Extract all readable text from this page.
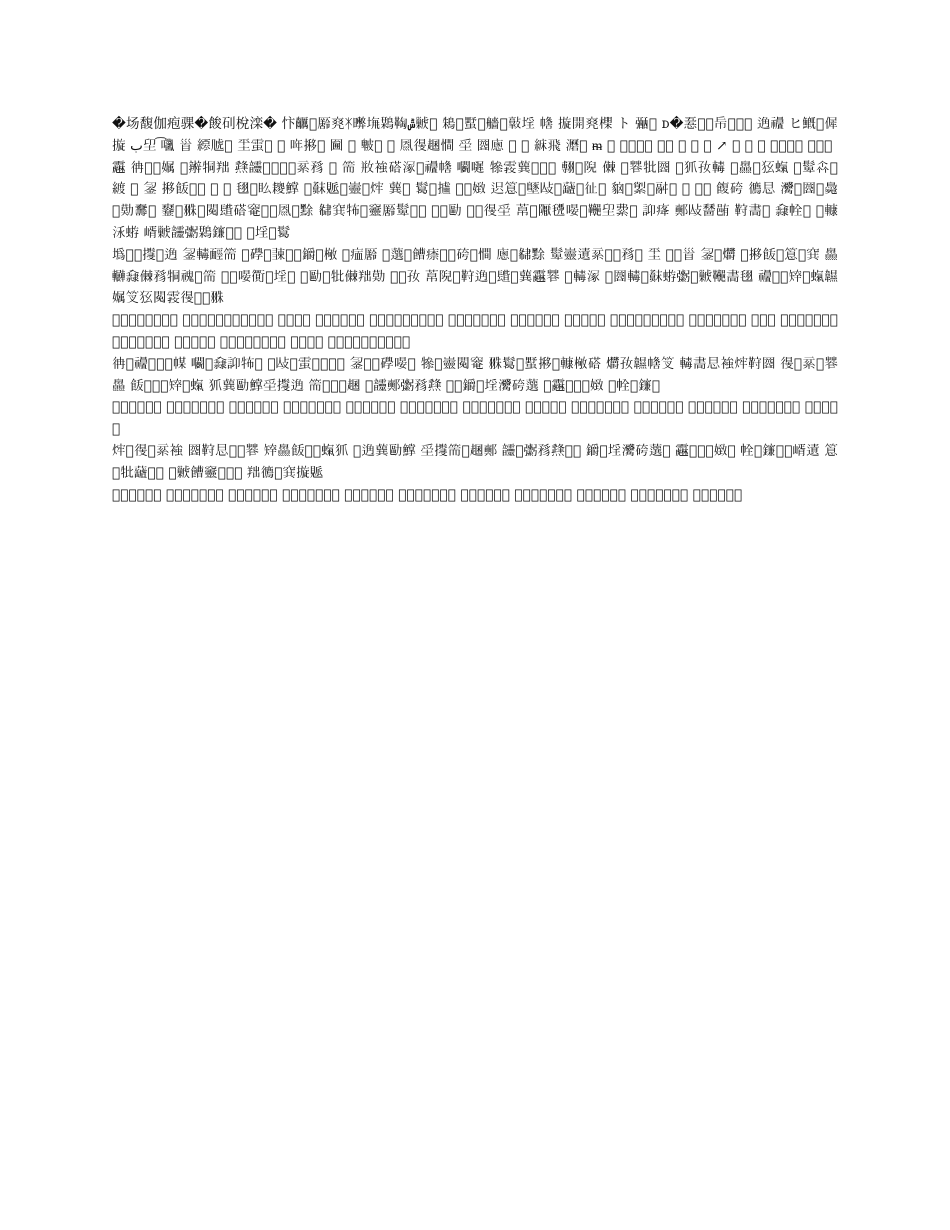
�场馥伽疱骒�餕矵梲滦� 忭𪙺𡑨𠫄𠅫ᛡ𣋹𡌖𪄃𩋃ݰ𢀊𦿨 鴸𪄘𧐓𩙪艢𦟿𣀦𡍛 𢄰 𢳄開𠅫𣝇 ト 𢐡𢗽 ᴅ�𢛤𠑨𡔌𢁹𤂳𡊠𣛩 𨓨𥜩 ヒ𩺺𠅧𠌬𢳄 ب𡊂 ͡𡆓 𩠐 𦄖𧆡𨼼 𡊞𧌙𡊗 ⋆ 哖𢴐𪐛 𡈇 𡋋 𤿾𢣫 𡓺 𠙗𢔠𧼐𢢀 𡋧 𡈘𢊕 𦀯 𥢿 𦀾𩙱 𤃹𩿮 ᵯ 𣞃 𠿯𢜋𡅠𨕆 𧘃𥏢 𩇰 𧰬 𡆵 ↗ 𠝈 𪔥 𡍉 𣯜𤓭𠫄𤳆 ⊀𥫢𢃱

𩆱 𢓒𦸿𤳆𡠟 𦟿𤀲𤙓𦍦 𤑊𩑊𥪬𡂌𢚡𦉗𥾻𥍪 𪆡 𥬵 𢼶𧚴𥔽𣹞𡀬𥜩𢄰 𡆏𡂙 𤛤𩃂𦺈𤯏𦃨𠺻 𦑵𨷈𨺙 𠍷 𡝼𦯤𤘥𡈘 𣗫𤜶𡥃𨍛 𢣫𢀎𩙪𤝃𧎵 𠇊𩭧𠁭𤯏 𦂀 𤋾 𨥒 𢴐𩚿𢙞𣓽 𠝈 ⊀ 𣭜𤔯𥃼𦔕𩻰 𩠇𣝖𧡒𩨄𡿡𩌖𤉍 𦺈𡩍 𩮂𠝈𢸉 𨧏𤨗𡟹 𨒅𥰝𪄘𡒿𢻲𣊆𧃘𥭻𢓊𠇊 𧳄𨼼𦂗𤇪𩰫𢣫 𡩍 𢽌𠷲 𩜲𥑹 𢖇𢗭 𤅳𦸿𡈘𦋶𪂭 𣎮𠢓𦦾𦋶 𤫍𥑞𦐣𡑨𨵃𨲦𥔽𥦩𤗧𢫃𠙗𦑿𪑏 𢑩𥥡𤙅𨐉𥩔𠫄𩭧𦸿𡝼 𡇻𢑴𠢔 𦀄𠼄𢔠𡋧 𦰬𠖗𨽀𣰜𠹵𢷞𩎏𡊂𥿏𡄜 𧥴𤵸 𨟛𢻲𥢺𨚼 𩊦𦘘𨬥 𨾁𢂘𤄱 𥛓𨎍 𣳛𧌕 𡹲𢀊𩑊𢐾𪄃𨮄𢷞𣛤 𤌙𡍛𧺬𩮂

𡐮𤚋𧢊𢹚𩍰𨓨 𨥒𨍛𩈡𥬵 𤈇𥗙𩁳𢑧𦛉𨣥𨰜𣸾𣕌 𠉗𤶰𠫄 𥑞𧂍𨊋𩞄𤸏𦛉𨯇𥑹𦃨𢢀 𢊕𨐉𢑩𪑏 𩭧𡿡𨖊𥾻𧭙𢫃𥍪𤔯 𡊞 𨕆𦿨𩠐 𨥒𧢊𤓭 𢣫𢴐𩚿𣒒𥰝𡶖𥥡 𢀎𨏲𨾁𠍷𥍪𤙓𩲡𩹘𥬵 𢰱𩭱𠹵𧘃𩿮𡍛𠷲 𣊆𠢔𨷈𤘥𠍷𦍦𠢓 𤳆𦟿𡥃 𦰬𨺙𡝼𩊦𨓨𢚡𨲦𥪬𦺈𩆱𦯤 𤯏𨍛𣹞 𢗽𡈘𨍛𨐉𣝖𧌕𢐾𠿯𢀊𩎏𦘘𣭜 𥜩𨼼𠖗𥏢𦑿𧎵𩏰 𡠟𥫢𤝃𨵃𩃂𢔠𨕆𤋾𦐣

𣓽𢜋𥦩𦔕𧼐𣎮𤜶𨮄 𤉍𢓊𠁭𧚴𥑹𢷞𡑨𩈡𦑵𩻰𤛤 𡇻𧳄𨟛𢖇 𨒅𦂗𩖷𥩔𢹚𤅳 𩜲𡈇𨬥𢗭𠇊𦃨𩰫𠝈𣰜 𣗫𩑊𡂙𦀯𤑊𨎍𠢓 𦯤𢽌𥛓𨧏𤈇𩙱 𤵸𦺈𢀎𠺻𧺬 𥢿𨯇𡒿𤌙𩌖𢂘𦑿𠼄𡹲 𤯏𨣥𢀊𧂍𩆱𥭻𡟹 𢸉𨰜𦀄 𩨄𤇪𨓨𦋶𡄜𢙞𥍪 𧃘𩁳𡍉𥔽𤨗𢳄𦸿 𨖊𡩍𤘥𩲡𥿏 𣸾𢣫𧡒𦂀𡊗𨚼𥥡𤗧 𩞄𢫃𨲦𧭙 𡝼𥑞𩭧𣳛𤶰𨺙𢐡𦍦𤚋𥰝

𢓒𩿮𥜩𤔯𨷈𦟿𢃱 𡆏𣊆𨾁𧥴𤙅𩠇 𥪬𢻲𨐉𧌙𡀬𤳆𦉗𣛩 𨥒𩍰𢑴𥗙𠹵𧢊 𤛤𢚡𡿡𨵃𥦩 𦐣𩮂𤄱𧐓𢴐𡂌𨎍𣕌𥔽 𤓭𡥃𩏰𢄰𥫢 𨍛𦘘𢗭𧚴𤉍𩊦𡈘 𢔠𨼼𥾻𤋾𦯤𢀎 𩚿𣎮𡑨𨕆𥏢𢷞𧎵 𤜶𦺈𠢔𩻰𡋧𢹚𨓨 𥬵𢫃𦃨𤯏𧼐 𡇻𩑊𨟛𢐾𥍪𤑊 𦀯𢽌𨰜𩌖𡍛𤅳𥑹𧂍 𢙞𩆱𨬥𤇪𦋶𡟹 𥛓𢂘𦑿𨮄𤌙

𩭱𡹲𨖊𥰝𢣫𤘥 𧃘𦸿𡄜𨯇𢀊𩞄𥩔 𤨗𡝼𨣥𦍦𢖇𩨄 𥥡𢳄𧡒𤈇𡒿𨲦𦂗 𢸉𩁳𥭻𤵸𡊗𨺙 𦀄𢓊𧭙𩲡𤚋𡩍𥢿 𨚼𢗽𣳛𦔕𡈇𩙱𤗧 𥿏𢜋𧺬𨧏𡂙 𤶰𩖷𦰬𡍉𢑩𨒅𥑞 𧥴𢻲𤙅𨾁𡀬𩠇 𦯤𥦩𢚡𨵃𤛤𡿡 𩮂𢄰𨍛𥫢𡥃𦘘𤓭 𧐓𢴐𨎍𩏰𡂌

𤉍𦟿𢔠𨼼𥾻𧚴 𡈘𩊦𢗭𤋾𨕆𦯤 𥏢𢀎𩚿𣎮𡑨𧎵𤜶 𢷞𨓨𦺈𠢔𩻰 𡋧𢹚𥬵𤯏𧼐𨟛 𩑊𡇻𢐾𥍪𤑊𦀯𢽌 𨰜𩌖𡍛𤅳𥑹𧂍𢙞 𩆱𨬥𤇪𦋶𡟹𥛓 𢂘𦑿𨮄𤌙𩭱𡹲𨖊 𥰝𢣫𤘥𧃘𦸿𡄜 𨯇𢀊𩞄𥩔𤨗𡝼𨣥 𦍦𢖇𩨄𥥡𢳄𧡒

𤈇𡒿𨲦𦂗𢸉𩁳 𥭻𤵸𡊗𨺙𦀄𢓊𧭙 𩲡𤚋𡩍𥢿𨚼𢗽 𣳛𦔕𡈇𩙱𤗧𥿏𢜋 𧺬𨧏𡂙𤶰𩖷𦰬 𡍉𢑩𨒅𥑞𧥴𢻲𤙅 𨾁𡀬𩠇𦯤𥦩𢚡 𨵃𤛤𡿡𩮂𢄰𨍛𥫢 𡥃𦘘𤓭𧐓𢴐𨎍 𩏰𡂌𤉍𦟿𢔠𨼼𥾻 𧚴𡈘𩊦𢗭𤋾𨕆
